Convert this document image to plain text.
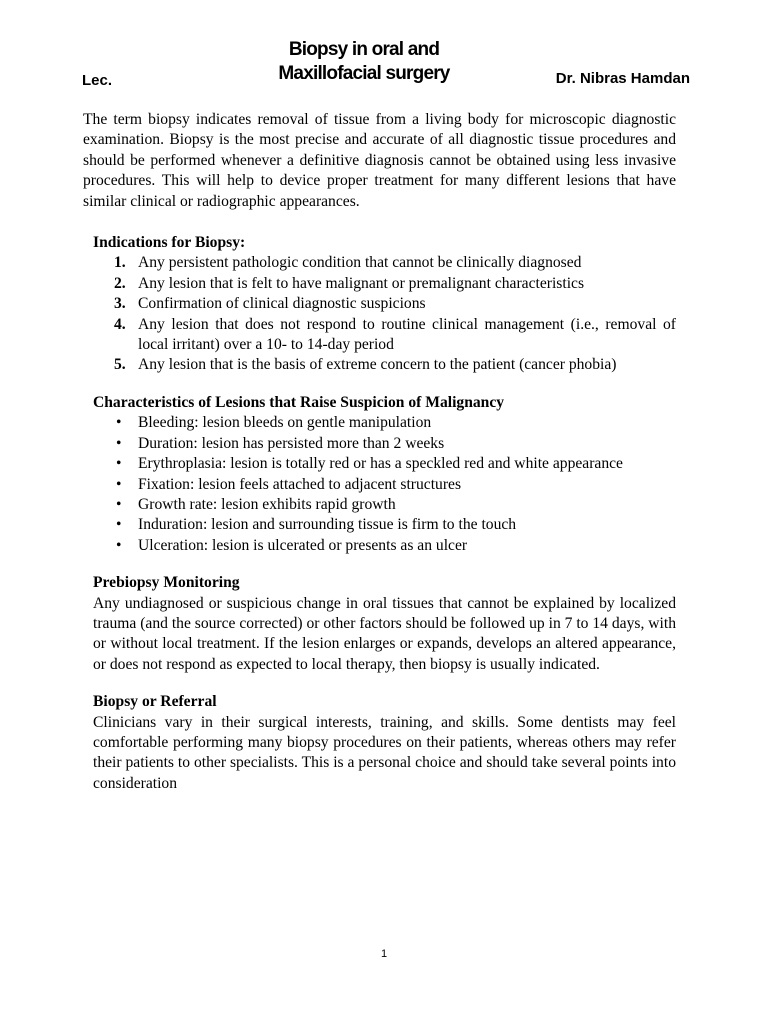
Lec.
Biopsy in oral and
Maxillofacial surgery	Dr. Nibras Hamdan

The term biopsy indicates removal of tissue from a living body for microscopic diagnostic examination. Biopsy is the most precise and accurate of all diagnostic tissue procedures and should be performed whenever a definitive diagnosis cannot be obtained using less invasive procedures. This will help to device proper treatment for many different lesions that have similar clinical or radiographic appearances.

Indications for Biopsy:

1. Any persistent pathologic condition that cannot be clinically diagnosed
2. Any lesion that is felt to have malignant or premalignant characteristics
3. Confirmation of clinical diagnostic suspicions
4. Any lesion that does not respond to routine clinical management (i.e., removal of local irritant) over a 10- to 14-day period
5. Any lesion that is the basis of extreme concern to the patient (cancer phobia)

Characteristics of Lesions that Raise Suspicion of Malignancy

• Bleeding: lesion bleeds on gentle manipulation
• Duration: lesion has persisted more than 2 weeks
• Erythroplasia: lesion is totally red or has a speckled red and white appearance
• Fixation: lesion feels attached to adjacent structures
• Growth rate: lesion exhibits rapid growth
• Induration: lesion and surrounding tissue is firm to the touch
• Ulceration: lesion is ulcerated or presents as an ulcer

Prebiopsy Monitoring

Any undiagnosed or suspicious change in oral tissues that cannot be explained by localized trauma (and the source corrected) or other factors should be followed up in 7 to 14 days, with or without local treatment. If the lesion enlarges or expands, develops an altered appearance, or does not respond as expected to local therapy, then biopsy is usually indicated.

Biopsy or Referral

Clinicians vary in their surgical interests, training, and skills. Some dentists may feel comfortable performing many biopsy procedures on their patients, whereas others may refer their patients to other specialists. This is a personal choice and should take several points into consideration

1
